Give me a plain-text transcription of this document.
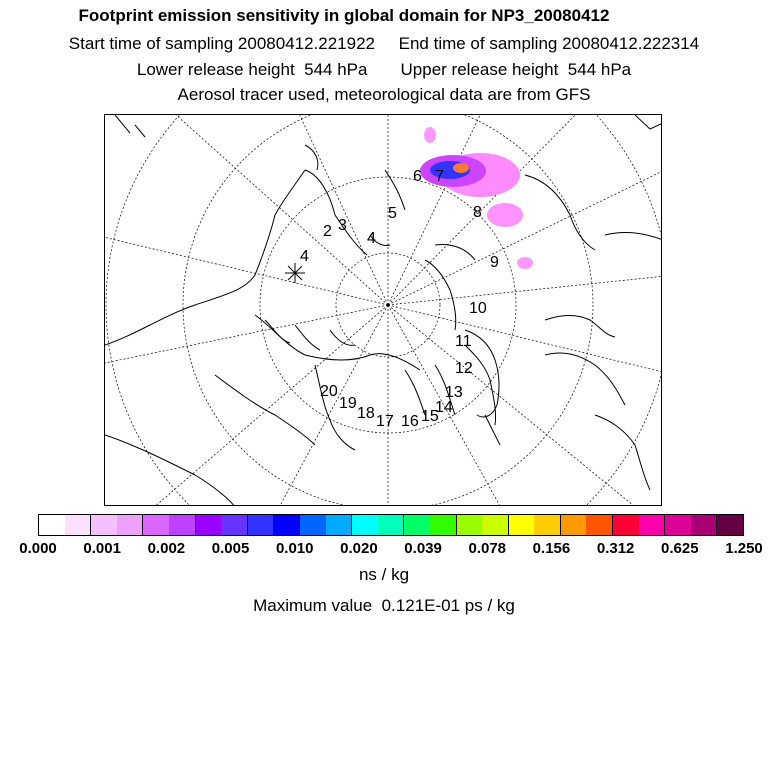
Footprint emission sensitivity in global domain for NP3_20080412
Start time of sampling 20080412.221922     End time of sampling 20080412.222314
Lower release height  544 hPa       Upper release height  544 hPa
Aerosol tracer used, meteorological data are from GFS
2 3
4
4
5
6 7
8
9
10
11
12
13
14
15
16
17
18
19
20
0.000 0.001 0.002 0.005 0.010 0.020 0.039 0.078 0.156 0.312 0.625 1.250
ns / kg
Maximum value  0.121E-01 ps / kg
